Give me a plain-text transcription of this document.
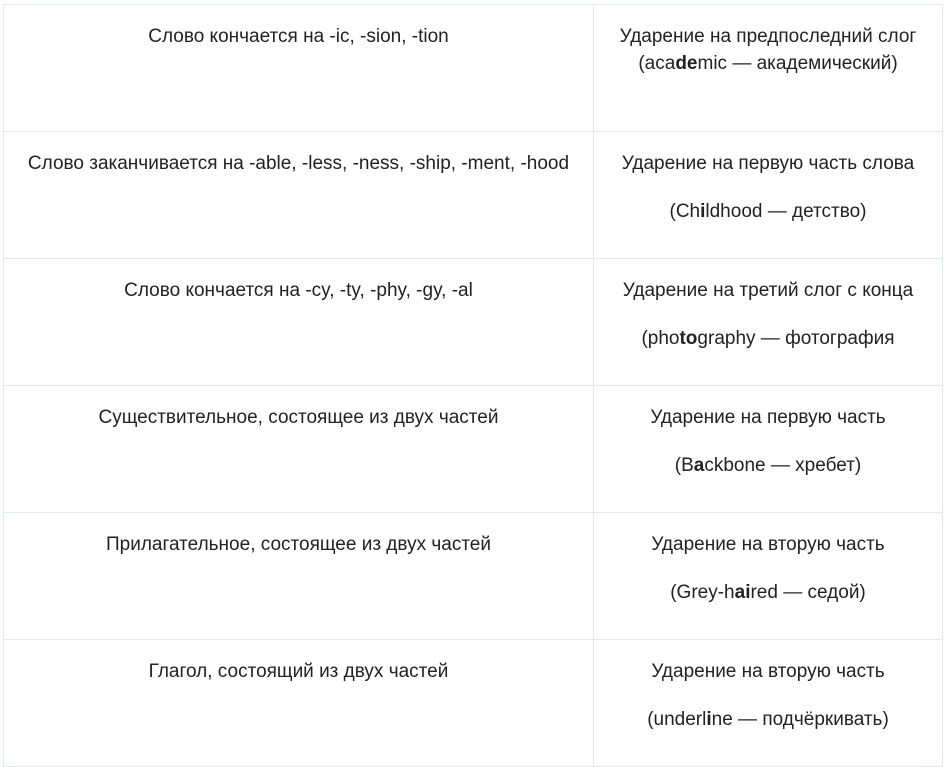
Слово кончается на -ic, -sion, -tion	Ударение на предпоследний слог
(academic — академический)

Слово заканчивается на -able, -less, -ness, -ship, -ment, -hood	Ударение на первую часть слова
(Childhood — детство)

Слово кончается на -cy, -ty, -phy, -gy, -al	Ударение на третий слог с конца
(photography — фотография

Существительное, состоящее из двух частей	Ударение на первую часть
(Backbone — хребет)

Прилагательное, состоящее из двух частей	Ударение на вторую часть
(Grey-haired — седой)

Глагол, состоящий из двух частей	Ударение на вторую часть
(underline — подчёркивать)
